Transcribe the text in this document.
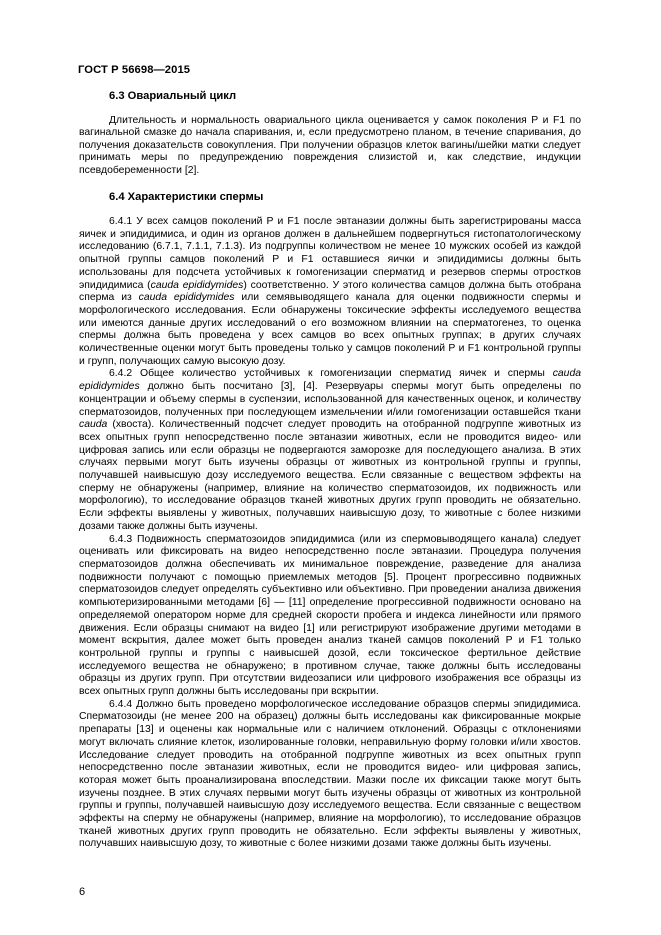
ГОСТ Р 56698—2015
6.3 Овариальный цикл

Длительность и нормальность овариального цикла оценивается у самок поколения Р и F1 по вагинальной смазке до начала спаривания, и, если предусмотрено планом, в течение спаривания, до получения доказательств совокупления. При получении образцов клеток вагины/шейки матки следует принимать меры по предупреждению повреждения слизистой и, как следствие, индукции псевдобеременности [2].

6.4 Характеристики спермы

6.4.1 У всех самцов поколений Р и F1 после эвтаназии должны быть зарегистрированы масса яичек и эпидидимиса, и один из органов должен в дальнейшем подвергнуться гистопатологическому исследованию (6.7.1, 7.1.1, 7.1.3). Из подгруппы количеством не менее 10 мужских особей из каждой опытной группы самцов поколений Р и F1 оставшиеся яички и эпидидимисы должны быть использованы для подсчета устойчивых к гомогенизации сперматид и резервов спермы отростков эпидидимиса (cauda epididymides) соответственно. У этого количества самцов должна быть отобрана сперма из cauda epididymides или семявыводящего канала для оценки подвижности спермы и морфологического исследования. Если обнаружены токсические эффекты исследуемого вещества или имеются данные других исследований о его возможном влиянии на сперматогенез, то оценка спермы должна быть проведена у всех самцов во всех опытных группах; в других случаях количественные оценки могут быть проведены только у самцов поколений Р и F1 контрольной группы и групп, получающих самую высокую дозу.

6.4.2 Общее количество устойчивых к гомогенизации сперматид яичек и спермы cauda epididymides должно быть посчитано [3], [4]. Резервуары спермы могут быть определены по концентрации и объему спермы в суспензии, использованной для качественных оценок, и количеству сперматозоидов, полученных при последующем измельчении и/или гомогенизации оставшейся ткани cauda (хвоста). Количественный подсчет следует проводить на отобранной подгруппе животных из всех опытных групп непосредственно после эвтаназии животных, если не проводится видео- или цифровая запись или если образцы не подвергаются заморозке для последующего анализа. В этих случаях первыми могут быть изучены образцы от животных из контрольной группы и группы, получавшей наивысшую дозу исследуемого вещества. Если связанные с веществом эффекты на сперму не обнаружены (например, влияние на количество сперматозоидов, их подвижность или морфологию), то исследование образцов тканей животных других групп проводить не обязательно. Если эффекты выявлены у животных, получавших наивысшую дозу, то животные с более низкими дозами также должны быть изучены.

6.4.3 Подвижность сперматозоидов эпидидимиса (или из спермовыводящего канала) следует оценивать или фиксировать на видео непосредственно после эвтаназии. Процедура получения сперматозоидов должна обеспечивать их минимальное повреждение, разведение для анализа подвижности получают с помощью приемлемых методов [5]. Процент прогрессивно подвижных сперматозоидов следует определять субъективно или объективно. При проведении анализа движения компьютеризированными методами [6] — [11] определение прогрессивной подвижности основано на определяемой оператором норме для средней скорости пробега и индекса линейности или прямого движения. Если образцы снимают на видео [1] или регистрируют изображение другими методами в момент вскрытия, далее может быть проведен анализ тканей самцов поколений Р и F1 только контрольной группы и группы с наивысшей дозой, если токсическое фертильное действие исследуемого вещества не обнаружено; в противном случае, также должны быть исследованы образцы из других групп. При отсутствии видеозаписи или цифрового изображения все образцы из всех опытных групп должны быть исследованы при вскрытии.

6.4.4 Должно быть проведено морфологическое исследование образцов спермы эпидидимиса. Сперматозоиды (не менее 200 на образец) должны быть исследованы как фиксированные мокрые препараты [13] и оценены как нормальные или с наличием отклонений. Образцы с отклонениями могут включать слияние клеток, изолированные головки, неправильную форму головки и/или хвостов. Исследование следует проводить на отобранной подгруппе животных из всех опытных групп непосредственно после эвтаназии животных, если не проводится видео- или цифровая запись, которая может быть проанализирована впоследствии. Мазки после их фиксации также могут быть изучены позднее. В этих случаях первыми могут быть изучены образцы от животных из контрольной группы и группы, получавшей наивысшую дозу исследуемого вещества. Если связанные с веществом эффекты на сперму не обнаружены (например, влияние на морфологию), то исследование образцов тканей животных других групп проводить не обязательно. Если эффекты выявлены у животных, получавших наивысшую дозу, то животные с более низкими дозами также должны быть изучены.

6
